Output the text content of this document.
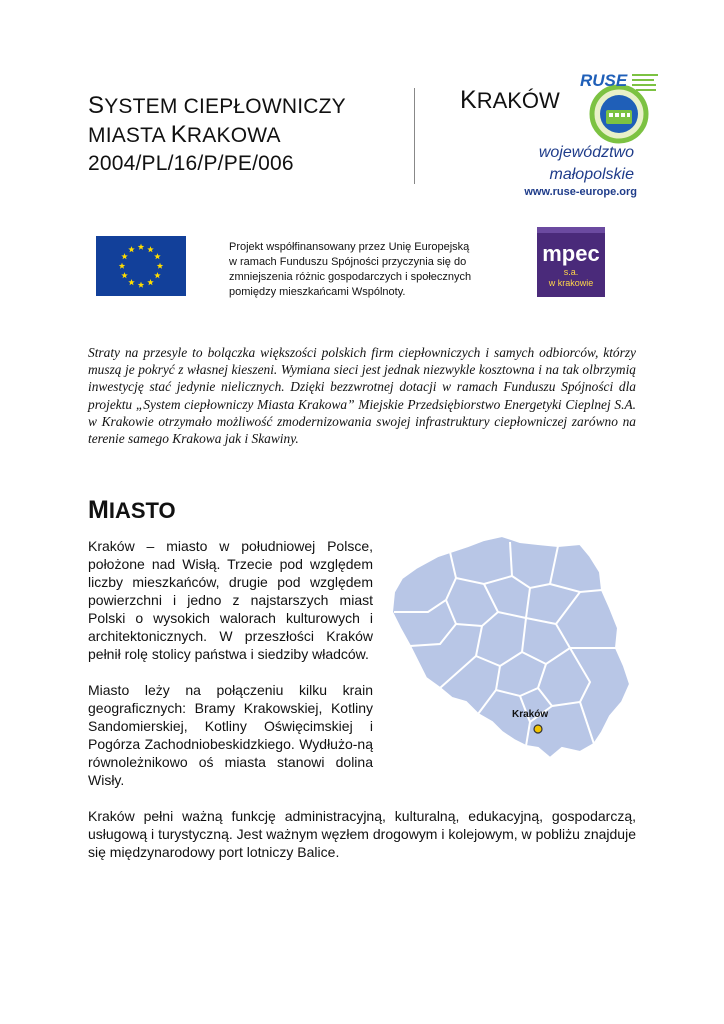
SYSTEM CIEPŁOWNICZY

MIASTA KRAKOWA

2004/PL/16/P/PE/006

KRAKÓW
RUSE
województwo
małopolskie
www.ruse-europe.org
Projekt współfinansowany przez Unię Europejską
w ramach Funduszu Spójności przyczynia się do
zmniejszenia różnic gospodarczych i społecznych
pomiędzy mieszkańcami Wspólnoty.
mpec
s.a.
w krakowie
Straty na przesyle to bolączka większości polskich firm ciepłowniczych i samych odbiorców, którzy muszą je pokryć z własnej kieszeni. Wymiana sieci jest jednak niezwykle kosztowna i na tak olbrzymią inwestycję stać jedynie nielicznych. Dzięki bezzwrotnej dotacji w ramach Funduszu Spójności dla projektu „System ciepłowniczy Miasta Krakowa” Miejskie Przedsiębiorstwo Energetyki Cieplnej S.A. w Krakowie otrzymało możliwość zmodernizowania swojej infrastruktury ciepłowniczej zarówno na terenie samego Krakowa jak i Skawiny.

MIASTO

Kraków – miasto w południowej Polsce, położone nad Wisłą. Trzecie pod względem liczby mieszkańców, drugie pod względem powierzchni i jedno z najstarszych miast Polski o wysokich walorach kulturowych i architektonicznych. W przeszłości Kraków pełnił rolę stolicy państwa i siedziby władców.

Miasto leży na połączeniu kilku krain geograficznych: Bramy Krakowskiej, Kotliny Sandomierskiej, Kotliny Oświęcimskiej i Pogórza Zachodniobeskidzkiego. Wydłużo-ną równoleżnikowo oś miasta stanowi dolina Wisły.

Kraków
Kraków pełni ważną funkcję administracyjną, kulturalną, edukacyjną, gospodarczą, usługową i turystyczną. Jest ważnym węzłem drogowym i kolejowym, w pobliżu znajduje się międzynarodowy port lotniczy Balice.
